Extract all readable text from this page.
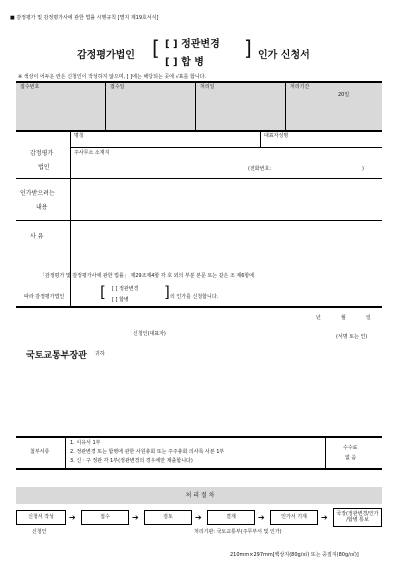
■ 감정평가 및 감정평가사에 관한 법률 시행규칙 [별지 제19호서식]
감정평가법인 [ [ ] 정관변경
[ ] 합 병
] 인가 신청서
※ 색상이 어두운 란은 신청인이 작성하지 않으며, [ ]에는 해당되는 곳에 √표를 합니다.
접수번호	접수일	처리일	처리기간
20일
감정평가
법인
명칭	대표자성명
주사무소 소재지
(전화번호:	)
인가받으려는
내용
사 유
「감정평가 및 감정평가사에 관한 법률」 제29조제4항 각 호 외의 부분 본문 또는 같은 조 제6항에
따라 감정평가법인 [ [ ] 정관변경
[ ] 합병 ] 의 인가를 신청합니다.
년	월	일
신청인(대표자)	(서명 또는 인)
국토교통부장관 귀하
첨부서류
1. 이유서 1부
2. 정관변경 또는 합병에 관한 사원총회 또는 주주총회 의사록 사본 1부
3. 신ㆍ구 정관 각 1부(정관변경의 경우에만 제출합니다)
수수료
없 음
처 리 절 차
신청서 작성	➔	접수	➔	검토	➔	결재	➔	인가서 기재	➔	국장(정관변경/인가
/합병 통보
신청인	처리기관: 국토교통부(주무부서 및 인가)
210mm×297mm[백상지(80g/㎡) 또는 중질지(80g/㎡)]
